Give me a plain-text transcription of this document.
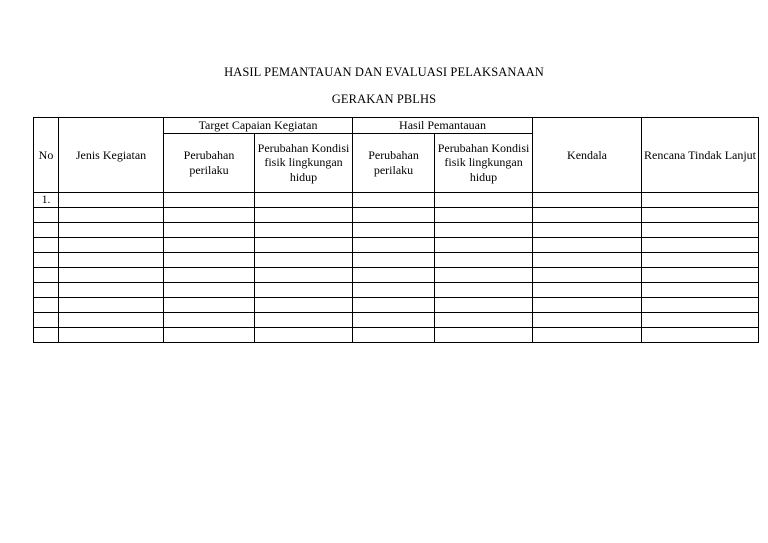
HASIL PEMANTAUAN DAN EVALUASI PELAKSANAAN
GERAKAN PBLHS
No	Jenis Kegiatan	Target Capaian Kegiatan		Hasil Pemantauan		Kendala	Rencana Tindak Lanjut
		Perubahan perilaku	Perubahan Kondisi fisik lingkungan hidup	Perubahan perilaku	Perubahan Kondisi fisik lingkungan hidup		
1.							
